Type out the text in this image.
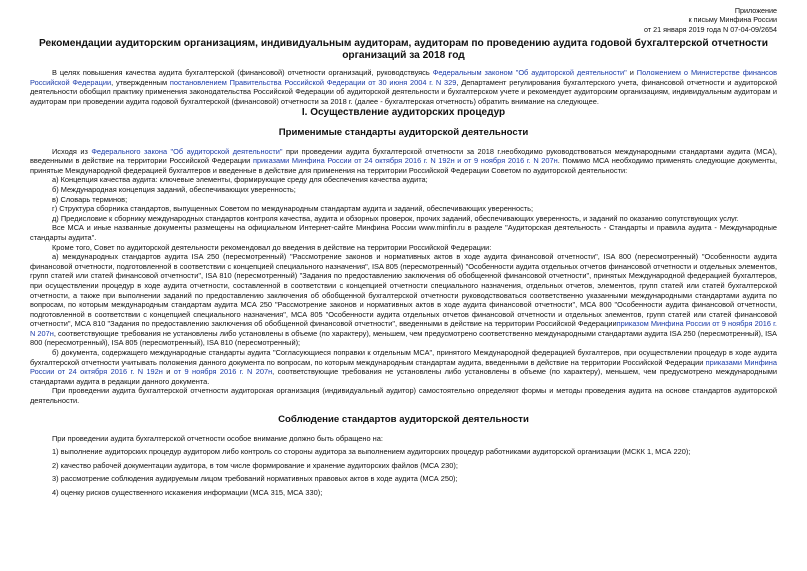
Приложение
к письму Минфина России
от 21 января 2019 года N 07-04-09/2654
Рекомендации аудиторским организациям, индивидуальным аудиторам, аудиторам по проведению аудита годовой бухгалтерской отчетности организаций за 2018 год

В целях повышения качества аудита бухгалтерской (финансовой) отчетности организаций, руководствуясь Федеральным законом "Об аудиторской деятельности" и Положением о Министерстве финансов Российской Федерации, утвержденным постановлением Правительства Российской Федерации от 30 июня 2004 г. N 329, Департамент регулирования бухгалтерского учета, финансовой отчетности и аудиторской деятельности обобщил практику применения законодательства Российской Федерации об аудиторской деятельности и бухгалтерском учете и рекомендует аудиторским организациям, индивидуальным аудиторам и аудиторам при проведении аудита годовой бухгалтерской (финансовой) отчетности за 2018 г. (далее - бухгалтерская отчетность) обратить внимание на следующее.

I. Осуществление аудиторских процедур
Применимые стандарты аудиторской деятельности

Исходя из Федерального закона "Об аудиторской деятельности" при проведении аудита бухгалтерской отчетности за 2018 г.необходимо руководствоваться международными стандартами аудита (МСА), введенными в действие на территории Российской Федерации приказами Минфина России от 24 октября 2016 г. N 192н и от 9 ноября 2016 г. N 207н. Помимо МСА необходимо применять следующие документы, принятые Международной федерацией бухгалтеров и введенные в действие для применения на территории Российской Федерации Советом по аудиторской деятельности:

а) Концепция качества аудита: ключевые элементы, формирующие среду для обеспечения качества аудита;

б) Международная концепция заданий, обеспечивающих уверенность;

в) Словарь терминов;

г) Структура сборника стандартов, выпущенных Советом по международным стандартам аудита и заданий, обеспечивающих уверенность;

д) Предисловие к сборнику международных стандартов контроля качества, аудита и обзорных проверок, прочих заданий, обеспечивающих уверенность, и заданий по оказанию сопутствующих услуг.

Все МСА и иные названные документы размещены на официальном Интернет-сайте Минфина России www.minfin.ru в разделе "Аудиторская деятельность - Стандарты и правила аудита - Международные стандарты аудита".

Кроме того, Совет по аудиторской деятельности рекомендовал до введения в действие на территории Российской Федерации:

а) международных стандартов аудита ISA 250 (пересмотренный) "Рассмотрение законов и нормативных актов в ходе аудита финансовой отчетности", ISA 800 (пересмотренный) "Особенности аудита финансовой отчетности, подготовленной в соответствии с концепцией специального назначения", ISA 805 (пересмотренный) "Особенности аудита отдельных отчетов финансовой отчетности и отдельных элементов, групп статей или статей финансовой отчетности", ISA 810 (пересмотренный) "Задания по предоставлению заключения об обобщенной финансовой отчетности", принятых Международной федерацией бухгалтеров, при осуществлении процедур в ходе аудита отчетности, составленной в соответствии с концепцией отчетности специального назначения, отдельных отчетов, элементов, групп статей или статей бухгалтерской отчетности, а также при выполнении заданий по предоставлению заключения об обобщенной бухгалтерской отчетности руководствоваться соответственно указанными международными стандартами аудита по вопросам, по которым международным стандартам аудита МСА 250 "Рассмотрение законов и нормативных актов в ходе аудита финансовой отчетности", МСА 800 "Особенности аудита финансовой отчетности, подготовленной в соответствии с концепцией специального назначения", МСА 805 "Особенности аудита отдельных отчетов финансовой отчетности и отдельных элементов, групп статей или статей финансовой отчетности", МСА 810 "Задания по предоставлению заключения об обобщенной финансовой отчетности", введенными в действие на территории Российской Федерацииприказом Минфина России от 9 ноября 2016 г. N 207н, соответствующие требования не установлены либо установлены в объеме (по характеру), меньшем, чем предусмотрено соответственно международными стандартами аудита ISA 250 (пересмотренный), ISA 800 (пересмотренный), ISA 805 (пересмотренный), ISA 810 (пересмотренный);

б) документа, содержащего международные стандарты аудита "Согласующиеся поправки к отдельным МСА", принятого Международной федерацией бухгалтеров, при осуществлении процедур в ходе аудита бухгалтерской отчетности учитывать положения данного документа по вопросам, по которым международным стандартам аудита, введенными в действие на территории Российской Федерации приказами Минфина России от 24 октября 2016 г. N 192н и от 9 ноября 2016 г. N 207н, соответствующие требования не установлены либо установлены в объеме (по характеру), меньшем, чем предусмотрено международными стандартами аудита в редакции данного документа.

При проведении аудита бухгалтерской отчетности аудиторская организация (индивидуальный аудитор) самостоятельно определяют формы и методы проведения аудита на основе стандартов аудиторской деятельности.

Соблюдение стандартов аудиторской деятельности

При проведении аудита бухгалтерской отчетности особое внимание должно быть обращено на:

1) выполнение аудиторских процедур аудитором либо контроль со стороны аудитора за выполнением аудиторских процедур работниками аудиторской организации (МСКК 1, МСА 220);

2) качество рабочей документации аудитора, в том числе формирование и хранение аудиторских файлов (МСА 230);

3) рассмотрение соблюдения аудируемым лицом требований нормативных правовых актов в ходе аудита (МСА 250);

4) оценку рисков существенного искажения информации (МСА 315, МСА 330);
